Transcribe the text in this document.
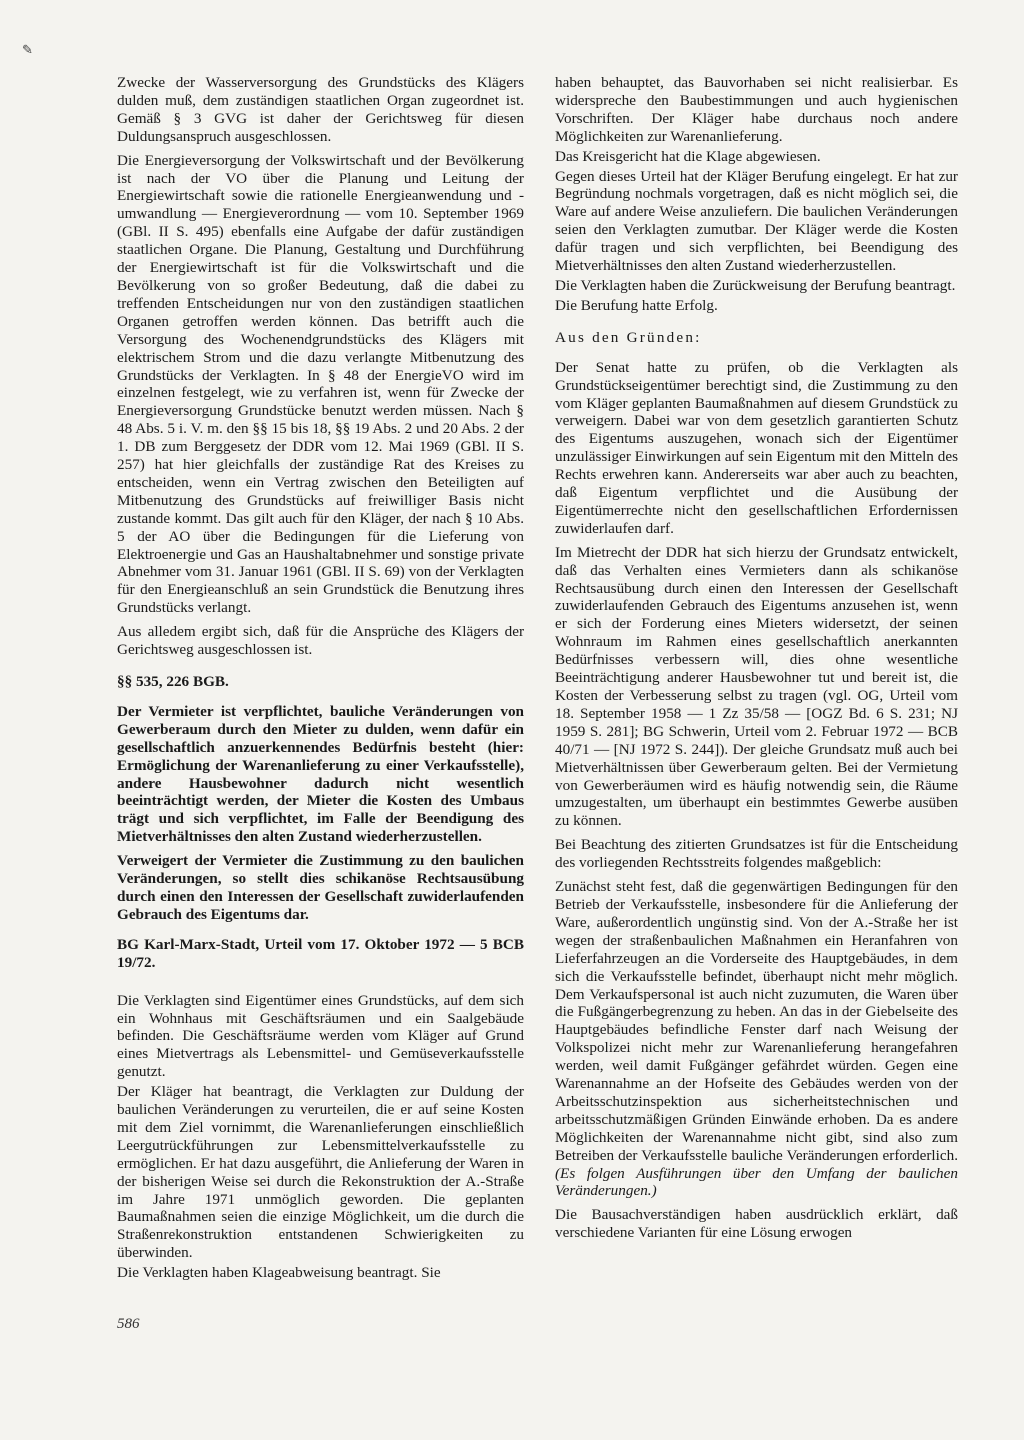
✎

Zwecke der Wasserversorgung des Grundstücks des Klägers dulden muß, dem zuständigen staatlichen Organ zugeordnet ist. Gemäß § 3 GVG ist daher der Gerichtsweg für diesen Duldungsanspruch ausgeschlossen.

Die Energieversorgung der Volkswirtschaft und der Bevölkerung ist nach der VO über die Planung und Leitung der Energiewirtschaft sowie die rationelle Energieanwendung und -umwandlung — Energieverordnung — vom 10. September 1969 (GBl. II S. 495) ebenfalls eine Aufgabe der dafür zuständigen staatlichen Organe. Die Planung, Gestaltung und Durchführung der Energiewirtschaft ist für die Volkswirtschaft und die Bevölkerung von so großer Bedeutung, daß die dabei zu treffenden Entscheidungen nur von den zuständigen staatlichen Organen getroffen werden können. Das betrifft auch die Versorgung des Wochenendgrundstücks des Klägers mit elektrischem Strom und die dazu verlangte Mitbenutzung des Grundstücks der Verklagten. In § 48 der EnergieVO wird im einzelnen festgelegt, wie zu verfahren ist, wenn für Zwecke der Energieversorgung Grundstücke benutzt werden müssen. Nach § 48 Abs. 5 i. V. m. den §§ 15 bis 18, §§ 19 Abs. 2 und 20 Abs. 2 der 1. DB zum Berggesetz der DDR vom 12. Mai 1969 (GBl. II S. 257) hat hier gleichfalls der zuständige Rat des Kreises zu entscheiden, wenn ein Vertrag zwischen den Beteiligten auf Mitbenutzung des Grundstücks auf freiwilliger Basis nicht zustande kommt. Das gilt auch für den Kläger, der nach § 10 Abs. 5 der AO über die Bedingungen für die Lieferung von Elektroenergie und Gas an Haushaltabnehmer und sonstige private Abnehmer vom 31. Januar 1961 (GBl. II S. 69) von der Verklagten für den Energieanschluß an sein Grundstück die Benutzung ihres Grundstücks verlangt.

Aus alledem ergibt sich, daß für die Ansprüche des Klägers der Gerichtsweg ausgeschlossen ist.

§§ 535, 226 BGB.

Der Vermieter ist verpflichtet, bauliche Veränderungen von Gewerberaum durch den Mieter zu dulden, wenn dafür ein gesellschaftlich anzuerkennendes Bedürfnis besteht (hier: Ermöglichung der Warenanlieferung zu einer Verkaufsstelle), andere Hausbewohner dadurch nicht wesentlich beeinträchtigt werden, der Mieter die Kosten des Umbaus trägt und sich verpflichtet, im Falle der Beendigung des Mietverhältnisses den alten Zustand wiederherzustellen.

Verweigert der Vermieter die Zustimmung zu den baulichen Veränderungen, so stellt dies schikanöse Rechtsausübung durch einen den Interessen der Gesellschaft zuwiderlaufenden Gebrauch des Eigentums dar.

BG Karl-Marx-Stadt, Urteil vom 17. Oktober 1972 — 5 BCB 19/72.

Die Verklagten sind Eigentümer eines Grundstücks, auf dem sich ein Wohnhaus mit Geschäftsräumen und ein Saalgebäude befinden. Die Geschäftsräume werden vom Kläger auf Grund eines Mietvertrags als Lebensmittel- und Gemüseverkaufsstelle genutzt.

Der Kläger hat beantragt, die Verklagten zur Duldung der baulichen Veränderungen zu verurteilen, die er auf seine Kosten mit dem Ziel vornimmt, die Warenanlieferungen einschließlich Leergutrückführungen zur Lebensmittelverkaufsstelle zu ermöglichen. Er hat dazu ausgeführt, die Anlieferung der Waren in der bisherigen Weise sei durch die Rekonstruktion der A.-Straße im Jahre 1971 unmöglich geworden. Die geplanten Baumaßnahmen seien die einzige Möglichkeit, um die durch die Straßenrekonstruktion entstandenen Schwierigkeiten zu überwinden.

Die Verklagten haben Klageabweisung beantragt. Sie

haben behauptet, das Bauvorhaben sei nicht realisierbar. Es widerspreche den Baubestimmungen und auch hygienischen Vorschriften. Der Kläger habe durchaus noch andere Möglichkeiten zur Warenanlieferung.

Das Kreisgericht hat die Klage abgewiesen.

Gegen dieses Urteil hat der Kläger Berufung eingelegt. Er hat zur Begründung nochmals vorgetragen, daß es nicht möglich sei, die Ware auf andere Weise anzuliefern. Die baulichen Veränderungen seien den Verklagten zumutbar. Der Kläger werde die Kosten dafür tragen und sich verpflichten, bei Beendigung des Mietverhältnisses den alten Zustand wiederherzustellen.

Die Verklagten haben die Zurückweisung der Berufung beantragt.

Die Berufung hatte Erfolg.

Aus den Gründen:

Der Senat hatte zu prüfen, ob die Verklagten als Grundstückseigentümer berechtigt sind, die Zustimmung zu den vom Kläger geplanten Baumaßnahmen auf diesem Grundstück zu verweigern. Dabei war von dem gesetzlich garantierten Schutz des Eigentums auszugehen, wonach sich der Eigentümer unzulässiger Einwirkungen auf sein Eigentum mit den Mitteln des Rechts erwehren kann. Andererseits war aber auch zu beachten, daß Eigentum verpflichtet und die Ausübung der Eigentümerrechte nicht den gesellschaftlichen Erfordernissen zuwiderlaufen darf.

Im Mietrecht der DDR hat sich hierzu der Grundsatz entwickelt, daß das Verhalten eines Vermieters dann als schikanöse Rechtsausübung durch einen den Interessen der Gesellschaft zuwiderlaufenden Gebrauch des Eigentums anzusehen ist, wenn er sich der Forderung eines Mieters widersetzt, der seinen Wohnraum im Rahmen eines gesellschaftlich anerkannten Bedürfnisses verbessern will, dies ohne wesentliche Beeinträchtigung anderer Hausbewohner tut und bereit ist, die Kosten der Verbesserung selbst zu tragen (vgl. OG, Urteil vom 18. September 1958 — 1 Zz 35/58 — [OGZ Bd. 6 S. 231; NJ 1959 S. 281]; BG Schwerin, Urteil vom 2. Februar 1972 — BCB 40/71 — [NJ 1972 S. 244]). Der gleiche Grundsatz muß auch bei Mietverhältnissen über Gewerberaum gelten. Bei der Vermietung von Gewerberäumen wird es häufig notwendig sein, die Räume umzugestalten, um überhaupt ein bestimmtes Gewerbe ausüben zu können.

Bei Beachtung des zitierten Grundsatzes ist für die Entscheidung des vorliegenden Rechtsstreits folgendes maßgeblich:

Zunächst steht fest, daß die gegenwärtigen Bedingungen für den Betrieb der Verkaufsstelle, insbesondere für die Anlieferung der Ware, außerordentlich ungünstig sind. Von der A.-Straße her ist wegen der straßenbaulichen Maßnahmen ein Heranfahren von Lieferfahrzeugen an die Vorderseite des Hauptgebäudes, in dem sich die Verkaufsstelle befindet, überhaupt nicht mehr möglich. Dem Verkaufspersonal ist auch nicht zuzumuten, die Waren über die Fußgängerbegrenzung zu heben. An das in der Giebelseite des Hauptgebäudes befindliche Fenster darf nach Weisung der Volkspolizei nicht mehr zur Warenanlieferung herangefahren werden, weil damit Fußgänger gefährdet würden. Gegen eine Warenannahme an der Hofseite des Gebäudes werden von der Arbeitsschutzinspektion aus sicherheitstechnischen und arbeitsschutzmäßigen Gründen Einwände erhoben. Da es andere Möglichkeiten der Warenannahme nicht gibt, sind also zum Betreiben der Verkaufsstelle bauliche Veränderungen erforderlich. (Es folgen Ausführungen über den Umfang der baulichen Veränderungen.)

Die Bausachverständigen haben ausdrücklich erklärt, daß verschiedene Varianten für eine Lösung erwogen

586
